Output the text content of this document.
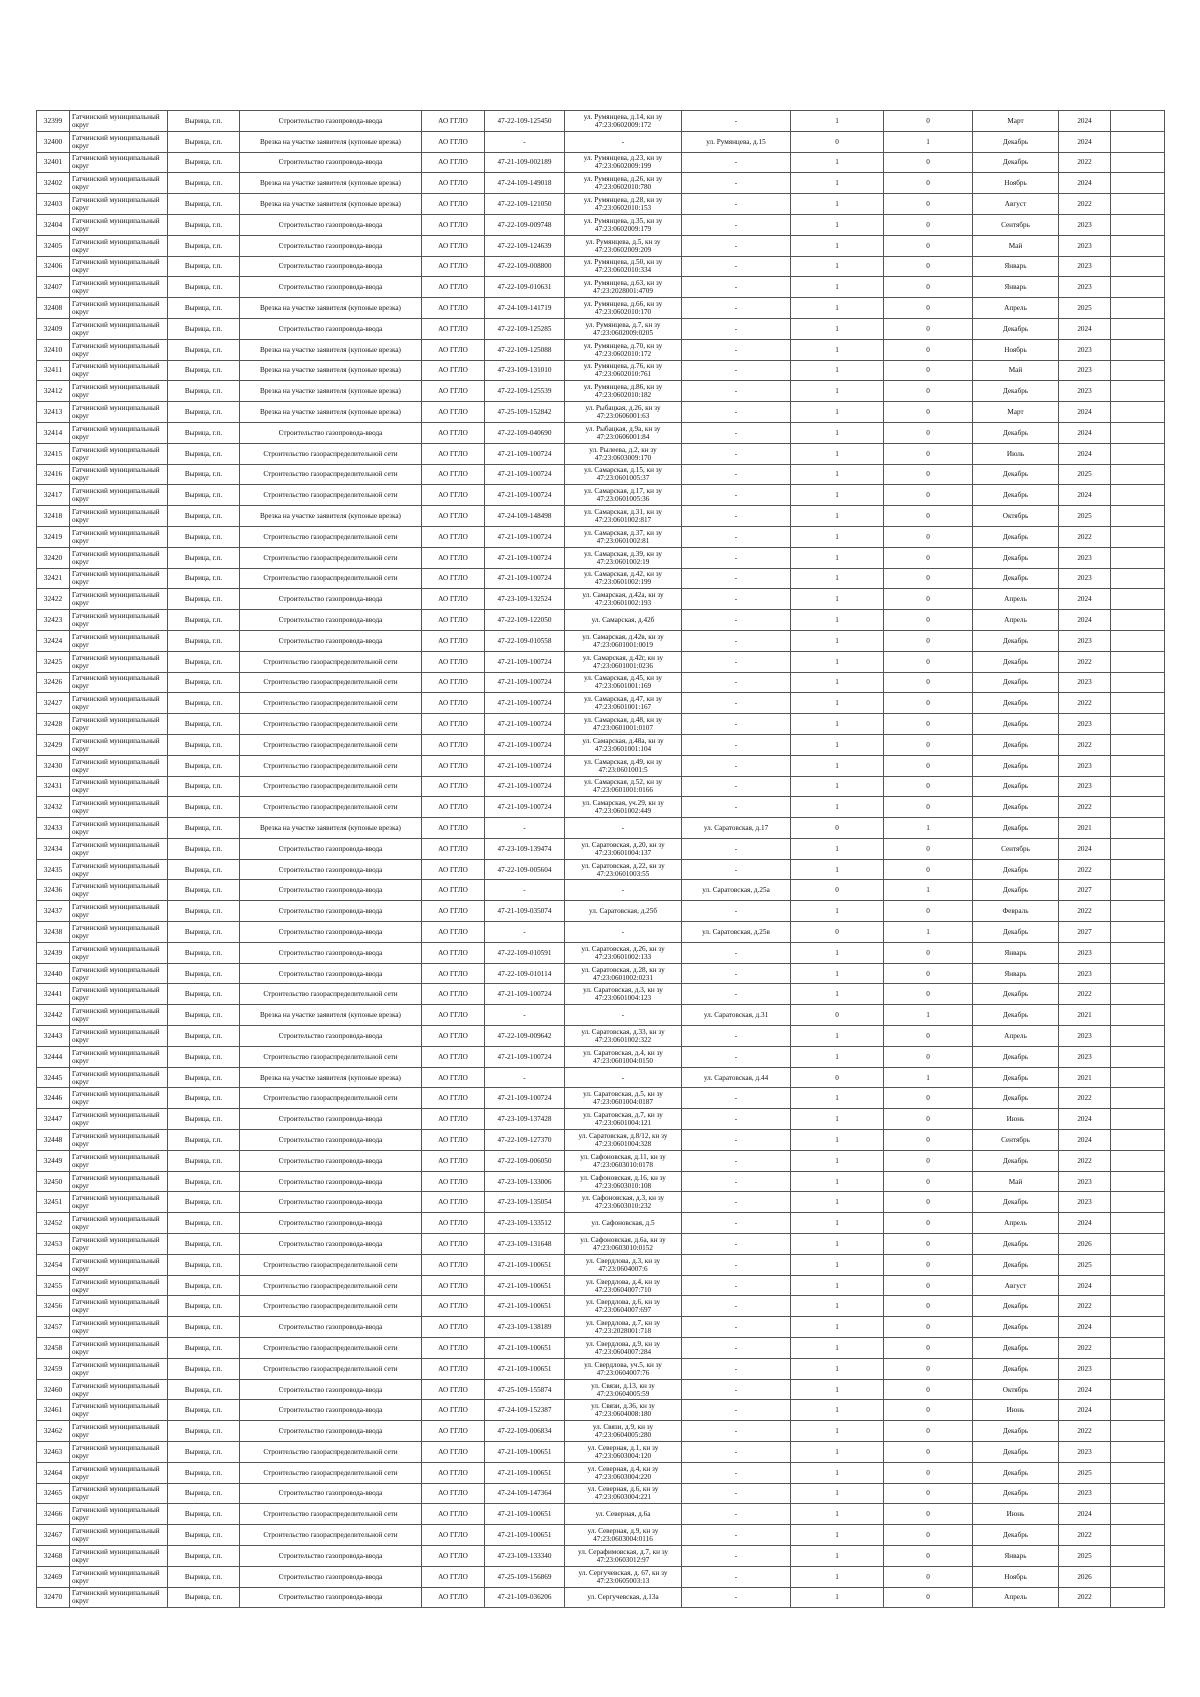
32399	Гатчинский муниципальный округ	Вырица, г.п.	Строительство газопровода-ввода	АО ГГЛО	47-22-109-125450	ул. Румянцева, д.14, кн зу 47:23:0602009:172	-	1	0	Март	2024	
32400	Гатчинский муниципальный округ	Вырица, г.п.	Врезка на участке заявителя (купоные врезка)	АО ГГЛО	-	-	ул. Румянцева, д.15	0	1	Декабрь	2024	
32401	Гатчинский муниципальный округ	Вырица, г.п.	Строительство газопровода-ввода	АО ГГЛО	47-21-109-002189	ул. Румянцева, д.23, кн зу 47:23:0602009:199	-	1	0	Декабрь	2022	
32402	Гатчинский муниципальный округ	Вырица, г.п.	Врезка на участке заявителя (купоные врезка)	АО ГГЛО	47-24-109-149018	ул. Румянцева, д.26, кн зу 47:23:0602010:780	-	1	0	Ноябрь	2024	
32403	Гатчинский муниципальный округ	Вырица, г.п.	Врезка на участке заявителя (купоные врезка)	АО ГГЛО	47-22-109-121050	ул. Румянцева, д.28, кн зу 47:23:0602010:153	-	1	0	Август	2022	
32404	Гатчинский муниципальный округ	Вырица, г.п.	Строительство газопровода-ввода	АО ГГЛО	47-22-109-009748	ул. Румянцева, д.35, кн зу 47:23:0602009:179	-	1	0	Сентябрь	2023	
32405	Гатчинский муниципальный округ	Вырица, г.п.	Строительство газопровода-ввода	АО ГГЛО	47-22-109-124639	ул. Румянцева, д.5, кн зу 47:23:0602009:209	-	1	0	Май	2023	
32406	Гатчинский муниципальный округ	Вырица, г.п.	Строительство газопровода-ввода	АО ГГЛО	47-22-109-008800	ул. Румянцева, д.50, кн зу 47:23:0602010:334	-	1	0	Январь	2023	
32407	Гатчинский муниципальный округ	Вырица, г.п.	Строительство газопровода-ввода	АО ГГЛО	47-22-109-010631	ул. Румянцева, д.63, кн зу 47:23:2028001:4709	-	1	0	Январь	2023	
32408	Гатчинский муниципальный округ	Вырица, г.п.	Врезка на участке заявителя (купоные врезка)	АО ГГЛО	47-24-109-141719	ул. Румянцева, д.66, кн зу 47:23:0602010:170	-	1	0	Апрель	2025	
32409	Гатчинский муниципальный округ	Вырица, г.п.	Строительство газопровода-ввода	АО ГГЛО	47-22-109-125285	ул. Румянцева, д.7, кн зу 47:23:0602009:0205	-	1	0	Декабрь	2024	
32410	Гатчинский муниципальный округ	Вырица, г.п.	Врезка на участке заявителя (купоные врезка)	АО ГГЛО	47-22-109-125088	ул. Румянцева, д.70, кн зу 47:23:0602010:172	-	1	0	Ноябрь	2023	
32411	Гатчинский муниципальный округ	Вырица, г.п.	Врезка на участке заявителя (купоные врезка)	АО ГГЛО	47-23-109-131010	ул. Румянцева, д.76, кн зу 47:23:0602010:761	-	1	0	Май	2023	
32412	Гатчинский муниципальный округ	Вырица, г.п.	Врезка на участке заявителя (купоные врезка)	АО ГГЛО	47-22-109-125539	ул. Румянцева, д.86, кн зу 47:23:0602010:182	-	1	0	Декабрь	2023	
32413	Гатчинский муниципальный округ	Вырица, г.п.	Врезка на участке заявителя (купоные врезка)	АО ГГЛО	47-25-109-152842	ул. Рыбацкая, д.26, кн зу 47:23:0606001:63	-	1	0	Март	2024	
32414	Гатчинский муниципальный округ	Вырица, г.п.	Строительство газопровода-ввода	АО ГГЛО	47-22-109-040690	ул. Рыбацкая, д.9а, кн зу 47:23:0606001:84	-	1	0	Декабрь	2024	
32415	Гатчинский муниципальный округ	Вырица, г.п.	Строительство газораспределительной сети	АО ГГЛО	47-21-109-100724	ул. Рылеева, д.2, кн зу 47:23:0603009:170	-	1	0	Июль	2024	
32416	Гатчинский муниципальный округ	Вырица, г.п.	Строительство газораспределительной сети	АО ГГЛО	47-21-109-100724	ул. Самарская, д.15, кн зу 47:23:0601005:37	-	1	0	Декабрь	2025	
32417	Гатчинский муниципальный округ	Вырица, г.п.	Строительство газораспределительной сети	АО ГГЛО	47-21-109-100724	ул. Самарская, д.17, кн зу 47:23:0601005:36	-	1	0	Декабрь	2024	
32418	Гатчинский муниципальный округ	Вырица, г.п.	Врезка на участке заявителя (купоные врезка)	АО ГГЛО	47-24-109-148498	ул. Самарская, д.31, кн зу 47:23:0601002:817	-	1	0	Октябрь	2025	
32419	Гатчинский муниципальный округ	Вырица, г.п.	Строительство газораспределительной сети	АО ГГЛО	47-21-109-100724	ул. Самарская, д.37, кн зу 47:23:0601002:81	-	1	0	Декабрь	2022	
32420	Гатчинский муниципальный округ	Вырица, г.п.	Строительство газораспределительной сети	АО ГГЛО	47-21-109-100724	ул. Самарская, д.39, кн зу 47:23:0601002:19	-	1	0	Декабрь	2023	
32421	Гатчинский муниципальный округ	Вырица, г.п.	Строительство газораспределительной сети	АО ГГЛО	47-21-109-100724	ул. Самарская, д.42, кн зу 47:23:0601002:199	-	1	0	Декабрь	2023	
32422	Гатчинский муниципальный округ	Вырица, г.п.	Строительство газопровода-ввода	АО ГГЛО	47-23-109-132524	ул. Самарская, д.42а, кн зу 47:23:0601002:193	-	1	0	Апрель	2024	
32423	Гатчинский муниципальный округ	Вырица, г.п.	Строительство газопровода-ввода	АО ГГЛО	47-22-109-122050	ул. Самарская, д.42б	-	1	0	Апрель	2024	
32424	Гатчинский муниципальный округ	Вырица, г.п.	Строительство газопровода-ввода	АО ГГЛО	47-22-109-010558	ул. Самарская, д.42в, кн зу 47:23:0601001:0019	-	1	0	Декабрь	2023	
32425	Гатчинский муниципальный округ	Вырица, г.п.	Строительство газораспределительной сети	АО ГГЛО	47-21-109-100724	ул. Самарская, д.42г, кн зу 47:23:0601001:0236	-	1	0	Декабрь	2022	
32426	Гатчинский муниципальный округ	Вырица, г.п.	Строительство газораспределительной сети	АО ГГЛО	47-21-109-100724	ул. Самарская, д.45, кн зу 47:23:0601001:169	-	1	0	Декабрь	2023	
32427	Гатчинский муниципальный округ	Вырица, г.п.	Строительство газораспределительной сети	АО ГГЛО	47-21-109-100724	ул. Самарская, д.47, кн зу 47:23:0601001:167	-	1	0	Декабрь	2022	
32428	Гатчинский муниципальный округ	Вырица, г.п.	Строительство газораспределительной сети	АО ГГЛО	47-21-109-100724	ул. Самарская, д.48, кн зу 47:23:0601001:0107	-	1	0	Декабрь	2023	
32429	Гатчинский муниципальный округ	Вырица, г.п.	Строительство газораспределительной сети	АО ГГЛО	47-21-109-100724	ул. Самарская, д.48а, кн зу 47:23:0601001:104	-	1	0	Декабрь	2022	
32430	Гатчинский муниципальный округ	Вырица, г.п.	Строительство газораспределительной сети	АО ГГЛО	47-21-109-100724	ул. Самарская, д.49, кн зу 47:23:0601001:5	-	1	0	Декабрь	2023	
32431	Гатчинский муниципальный округ	Вырица, г.п.	Строительство газораспределительной сети	АО ГГЛО	47-21-109-100724	ул. Самарская, д.52, кн зу 47:23:0601001:0166	-	1	0	Декабрь	2023	
32432	Гатчинский муниципальный округ	Вырица, г.п.	Строительство газораспределительной сети	АО ГГЛО	47-21-109-100724	ул. Самарская, уч.29, кн зу 47:23:0601002:449	-	1	0	Декабрь	2022	
32433	Гатчинский муниципальный округ	Вырица, г.п.	Врезка на участке заявителя (купоные врезка)	АО ГГЛО	-	-	ул. Саратовская, д.17	0	1	Декабрь	2021	
32434	Гатчинский муниципальный округ	Вырица, г.п.	Строительство газопровода-ввода	АО ГГЛО	47-23-109-139474	ул. Саратовская, д.20, кн зу 47:23:0601004:137	-	1	0	Сентябрь	2024	
32435	Гатчинский муниципальный округ	Вырица, г.п.	Строительство газопровода-ввода	АО ГГЛО	47-22-109-005604	ул. Саратовская, д.22, кн зу 47:23:0601003:55	-	1	0	Декабрь	2022	
32436	Гатчинский муниципальный округ	Вырица, г.п.	Строительство газопровода-ввода	АО ГГЛО	-	-	ул. Саратовская, д.25а	0	1	Декабрь	2027	
32437	Гатчинский муниципальный округ	Вырица, г.п.	Строительство газопровода-ввода	АО ГГЛО	47-21-109-035074	ул. Саратовская, д.25б	-	1	0	Февраль	2022	
32438	Гатчинский муниципальный округ	Вырица, г.п.	Строительство газопровода-ввода	АО ГГЛО	-	-	ул. Саратовская, д.25в	0	1	Декабрь	2027	
32439	Гатчинский муниципальный округ	Вырица, г.п.	Строительство газопровода-ввода	АО ГГЛО	47-22-109-010591	ул. Саратовская, д.26, кн зу 47:23:0601002:133	-	1	0	Январь	2023	
32440	Гатчинский муниципальный округ	Вырица, г.п.	Строительство газопровода-ввода	АО ГГЛО	47-22-109-010114	ул. Саратовская, д.28, кн зу 47:23:0601002:0231	-	1	0	Январь	2023	
32441	Гатчинский муниципальный округ	Вырица, г.п.	Строительство газораспределительной сети	АО ГГЛО	47-21-109-100724	ул. Саратовская, д.3, кн зу 47:23:0601004:123	-	1	0	Декабрь	2022	
32442	Гатчинский муниципальный округ	Вырица, г.п.	Врезка на участке заявителя (купоные врезка)	АО ГГЛО	-	-	ул. Саратовская, д.31	0	1	Декабрь	2021	
32443	Гатчинский муниципальный округ	Вырица, г.п.	Строительство газопровода-ввода	АО ГГЛО	47-22-109-009642	ул. Саратовская, д.33, кн зу 47:23:0601002:322	-	1	0	Апрель	2023	
32444	Гатчинский муниципальный округ	Вырица, г.п.	Строительство газораспределительной сети	АО ГГЛО	47-21-109-100724	ул. Саратовская, д.4, кн зу 47:23:0601004:0150	-	1	0	Декабрь	2023	
32445	Гатчинский муниципальный округ	Вырица, г.п.	Врезка на участке заявителя (купоные врезка)	АО ГГЛО	-	-	ул. Саратовская, д.44	0	1	Декабрь	2021	
32446	Гатчинский муниципальный округ	Вырица, г.п.	Строительство газораспределительной сети	АО ГГЛО	47-21-109-100724	ул. Саратовская, д.5, кн зу 47:23:0601004:0187	-	1	0	Декабрь	2022	
32447	Гатчинский муниципальный округ	Вырица, г.п.	Строительство газопровода-ввода	АО ГГЛО	47-23-109-137428	ул. Саратовская, д.7, кн зу 47:23:0601004:121	-	1	0	Июнь	2024	
32448	Гатчинский муниципальный округ	Вырица, г.п.	Строительство газопровода-ввода	АО ГГЛО	47-22-109-127370	ул. Саратовская, д.8/12, кн зу 47:23:0601004:328	-	1	0	Сентябрь	2024	
32449	Гатчинский муниципальный округ	Вырица, г.п.	Строительство газопровода-ввода	АО ГГЛО	47-22-109-006050	ул. Сафоновская, д.11, кн зу 47:23:0603010:0178	-	1	0	Декабрь	2022	
32450	Гатчинский муниципальный округ	Вырица, г.п.	Строительство газопровода-ввода	АО ГГЛО	47-23-109-133006	ул. Сафоновская, д.16, кн зу 47:23:0603010:108	-	1	0	Май	2023	
32451	Гатчинский муниципальный округ	Вырица, г.п.	Строительство газопровода-ввода	АО ГГЛО	47-23-109-135054	ул. Сафоновская, д.3, кн зу 47:23:0603010:232	-	1	0	Декабрь	2023	
32452	Гатчинский муниципальный округ	Вырица, г.п.	Строительство газопровода-ввода	АО ГГЛО	47-23-109-133512	ул. Сафоновская, д.5	-	1	0	Апрель	2024	
32453	Гатчинский муниципальный округ	Вырица, г.п.	Строительство газопровода-ввода	АО ГГЛО	47-23-109-131648	ул. Сафоновская, д.6а, кн зу 47:23:0603010:0152	-	1	0	Декабрь	2026	
32454	Гатчинский муниципальный округ	Вырица, г.п.	Строительство газораспределительной сети	АО ГГЛО	47-21-109-100651	ул. Свердлова, д.3, кн зу 47:23:0604007:6	-	1	0	Декабрь	2025	
32455	Гатчинский муниципальный округ	Вырица, г.п.	Строительство газораспределительной сети	АО ГГЛО	47-21-109-100651	ул. Свердлова, д.4, кн зу 47:23:0604007:710	-	1	0	Август	2024	
32456	Гатчинский муниципальный округ	Вырица, г.п.	Строительство газораспределительной сети	АО ГГЛО	47-21-109-100651	ул. Свердлова, д.6, кн зу 47:23:0604007:697	-	1	0	Декабрь	2022	
32457	Гатчинский муниципальный округ	Вырица, г.п.	Строительство газопровода-ввода	АО ГГЛО	47-23-109-138189	ул. Свердлова, д.7, кн зу 47:23:2028001:718	-	1	0	Декабрь	2024	
32458	Гатчинский муниципальный округ	Вырица, г.п.	Строительство газораспределительной сети	АО ГГЛО	47-21-109-100651	ул. Свердлова, д.9, кн зу 47:23:0604007:284	-	1	0	Декабрь	2022	
32459	Гатчинский муниципальный округ	Вырица, г.п.	Строительство газораспределительной сети	АО ГГЛО	47-21-109-100651	ул. Свердлова, уч.5, кн зу 47:23:0604007:76	-	1	0	Декабрь	2023	
32460	Гатчинский муниципальный округ	Вырица, г.п.	Строительство газопровода-ввода	АО ГГЛО	47-25-109-155874	ул. Связи, д.13, кн зу 47:23:0604005:59	-	1	0	Октябрь	2024	
32461	Гатчинский муниципальный округ	Вырица, г.п.	Строительство газопровода-ввода	АО ГГЛО	47-24-109-152387	ул. Связи, д.36, кн зу 47:23:0604008:180	-	1	0	Июнь	2024	
32462	Гатчинский муниципальный округ	Вырица, г.п.	Строительство газопровода-ввода	АО ГГЛО	47-22-109-006834	ул. Связи, д.9, кн зу 47:23:0604005:280	-	1	0	Декабрь	2022	
32463	Гатчинский муниципальный округ	Вырица, г.п.	Строительство газораспределительной сети	АО ГГЛО	47-21-109-100651	ул. Северная, д.1, кн зу 47:23:0603004:120	-	1	0	Декабрь	2023	
32464	Гатчинский муниципальный округ	Вырица, г.п.	Строительство газораспределительной сети	АО ГГЛО	47-21-109-100651	ул. Северная, д.4, кн зу 47:23:0603004:220	-	1	0	Декабрь	2025	
32465	Гатчинский муниципальный округ	Вырица, г.п.	Строительство газопровода-ввода	АО ГГЛО	47-24-109-147364	ул. Северная, д.6, кн зу 47:23:0603004:221	-	1	0	Декабрь	2023	
32466	Гатчинский муниципальный округ	Вырица, г.п.	Строительство газораспределительной сети	АО ГГЛО	47-21-109-100651	ул. Северная, д.6а	-	1	0	Июнь	2024	
32467	Гатчинский муниципальный округ	Вырица, г.п.	Строительство газораспределительной сети	АО ГГЛО	47-21-109-100651	ул. Северная, д.9, кн зу 47:23:0603004:0116	-	1	0	Декабрь	2022	
32468	Гатчинский муниципальный округ	Вырица, г.п.	Строительство газопровода-ввода	АО ГГЛО	47-23-109-133340	ул. Серафимовская, д.7, кн зу 47:23:0603012:97	-	1	0	Январь	2025	
32469	Гатчинский муниципальный округ	Вырица, г.п.	Строительство газопровода-ввода	АО ГГЛО	47-25-109-156869	ул. Сергучевская, д. 67, кн зу 47:23:0605003:13	-	1	0	Ноябрь	2026	
32470	Гатчинский муниципальный округ	Вырица, г.п.	Строительство газопровода-ввода	АО ГГЛО	47-21-109-036206	ул. Сергучевская, д.13а	-	1	0	Апрель	2022	
